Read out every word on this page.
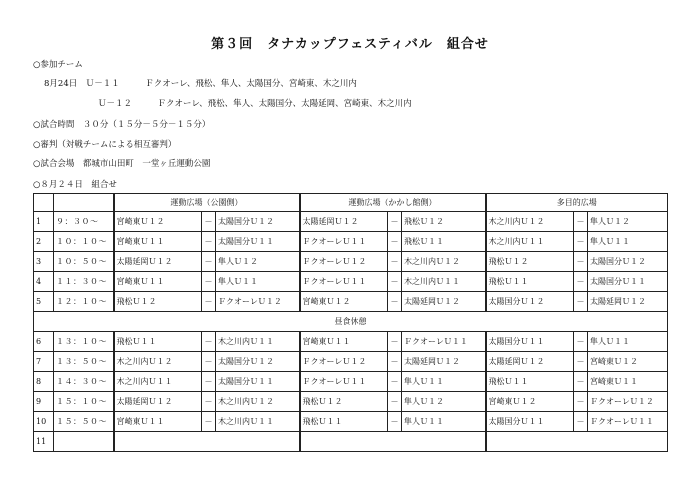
第３回　タナカップフェスティバル　組合せ
○参加チーム
8月24日　 Ｕ－１１　　　	Ｆクオーレ、飛松、隼人、太陽国分、宮崎東、木之川内
Ｕ－１２　　　	Ｆクオーレ、飛松、隼人、太陽国分、太陽延岡、宮崎東、木之川内
○試合時間　３０分（１５分－５分－１５分）
○審判（対戦チームによる相互審判）
○試合会場　都城市山田町　一堂ヶ丘運動公園
○８月２４日　組合せ
		運動広場（公園側）			運動広場（かかし館側）			多目的広場		
1	９：３０～	宮崎東Ｕ１２	－	太陽国分Ｕ１２	太陽延岡Ｕ１２	－	飛松Ｕ１２	木之川内Ｕ１２	－	隼人Ｕ１２
2	１０：１０～	宮崎東Ｕ１１	－	太陽国分Ｕ１１	ＦクオーレＵ１１	－	飛松Ｕ１１	木之川内Ｕ１１	－	隼人Ｕ１１
3	１０：５０～	太陽延岡Ｕ１２	－	隼人Ｕ１２	ＦクオーレＵ１２	－	木之川内Ｕ１２	飛松Ｕ１２	－	太陽国分Ｕ１２
4	１１：３０～	宮崎東Ｕ１１	－	隼人Ｕ１１	ＦクオーレＵ１１	－	木之川内Ｕ１１	飛松Ｕ１１	－	太陽国分Ｕ１１
5	１２：１０～	飛松Ｕ１２	－	ＦクオーレＵ１２	宮崎東Ｕ１２	－	太陽延岡Ｕ１２	太陽国分Ｕ１２	－	太陽延岡Ｕ１２
昼食休憩										
6	１３：１０～	飛松Ｕ１１	－	木之川内Ｕ１１	宮崎東Ｕ１１	－	ＦクオーレＵ１１	太陽国分Ｕ１１	－	隼人Ｕ１１
7	１３：５０～	木之川内Ｕ１２	－	太陽国分Ｕ１２	ＦクオーレＵ１２	－	太陽延岡Ｕ１２	太陽延岡Ｕ１２	－	宮崎東Ｕ１２
8	１４：３０～	木之川内Ｕ１１	－	太陽国分Ｕ１１	ＦクオーレＵ１１	－	隼人Ｕ１１	飛松Ｕ１１	－	宮崎東Ｕ１１
9	１５：１０～	太陽延岡Ｕ１２	－	木之川内Ｕ１２	飛松Ｕ１２	－	隼人Ｕ１２	宮崎東Ｕ１２	－	ＦクオーレＵ１２
10	１５：５０～	宮崎東Ｕ１１	－	木之川内Ｕ１１	飛松Ｕ１１	－	隼人Ｕ１１	太陽国分Ｕ１１	－	ＦクオーレＵ１１
11										
